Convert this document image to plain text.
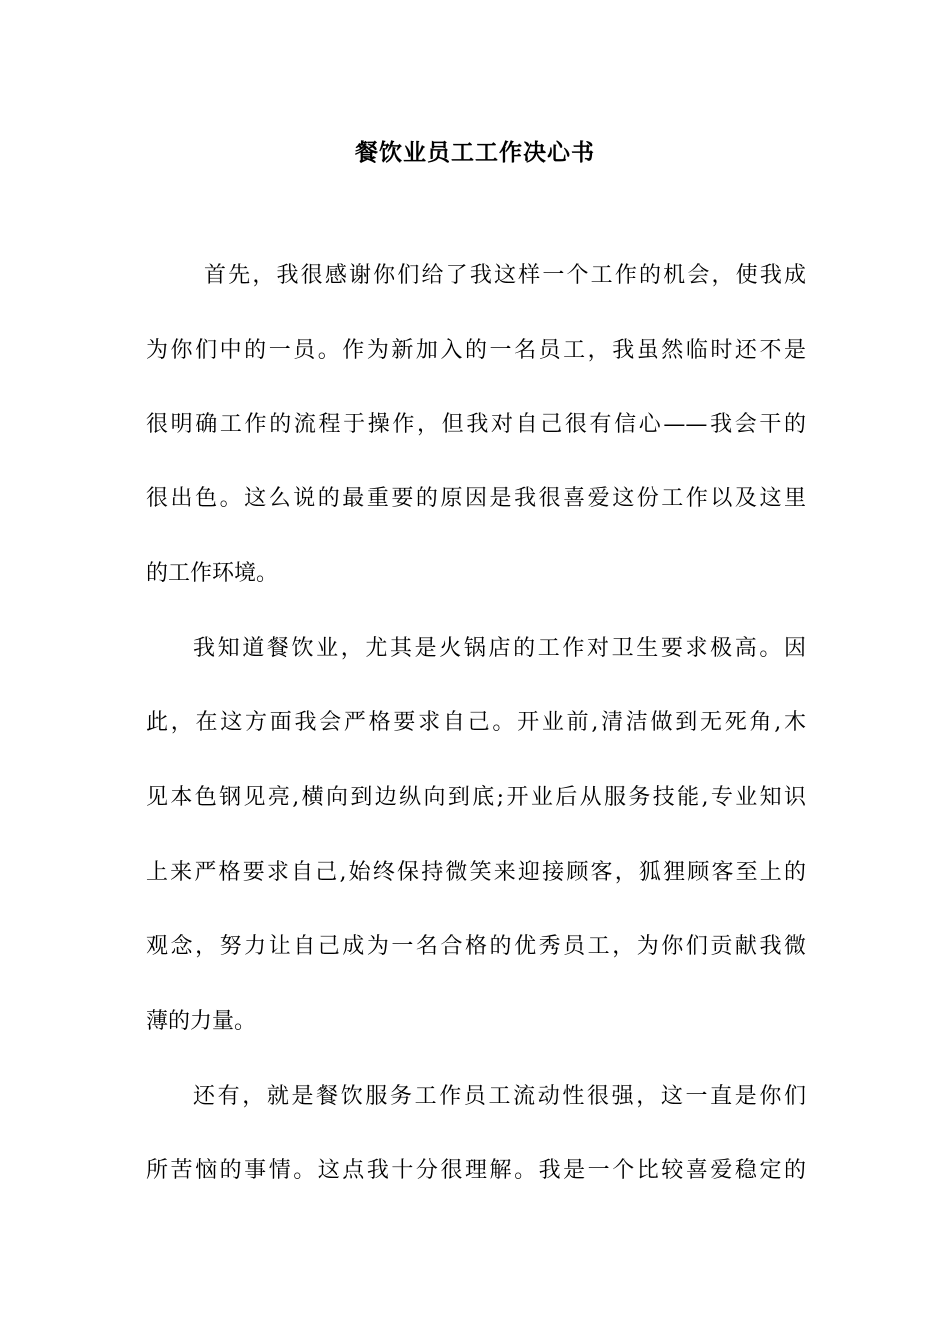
餐饮业员工工作决心书
首先，我很感谢你们给了我这样一个工作的机会，使我成
为你们中的一员。作为新加入的一名员工，我虽然临时还不是
很明确工作的流程于操作，但我对自己很有信心——我会干的
很出色。这么说的最重要的原因是我很喜爱这份工作以及这里
的工作环境。
我知道餐饮业，尤其是火锅店的工作对卫生要求极高。因
此，在这方面我会严格要求自己。开业前,清洁做到无死角,木
见本色钢见亮,横向到边纵向到底;开业后从服务技能,专业知识
上来严格要求自己,始终保持微笑来迎接顾客，狐狸顾客至上的
观念，努力让自己成为一名合格的优秀员工，为你们贡献我微
薄的力量。
还有，就是餐饮服务工作员工流动性很强，这一直是你们
所苦恼的事情。这点我十分很理解。我是一个比较喜爱稳定的
